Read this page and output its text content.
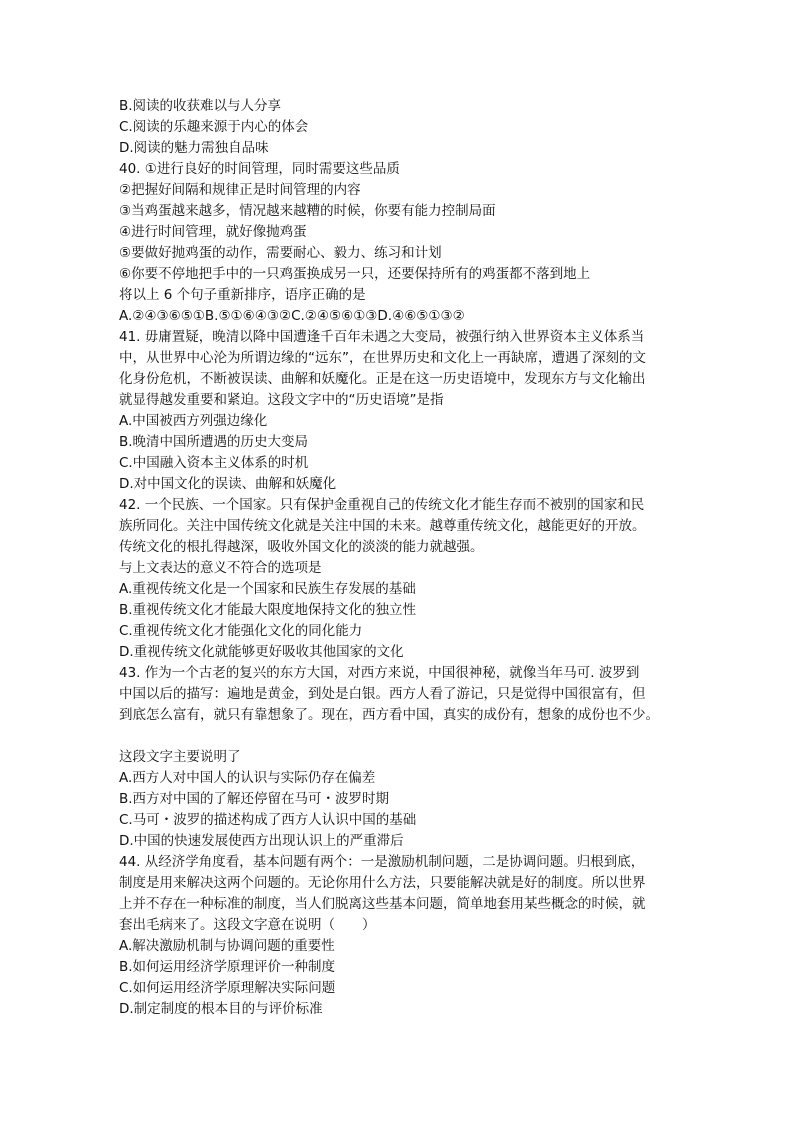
B.阅读的收获难以与人分享
C.阅读的乐趣来源于内心的体会
D.阅读的魅力需独自品味
40. ①进行良好的时间管理，同时需要这些品质
②把握好间隔和规律正是时间管理的内容
③当鸡蛋越来越多，情况越来越糟的时候，你要有能力控制局面
④进行时间管理，就好像抛鸡蛋
⑤要做好抛鸡蛋的动作，需要耐心、毅力、练习和计划
⑥你要不停地把手中的一只鸡蛋换成另一只，还要保持所有的鸡蛋都不落到地上
将以上 6 个句子重新排序，语序正确的是
A.②④③⑥⑤①B.⑤①⑥④③②C.②④⑤⑥①③D.④⑥⑤①③②
41. 毋庸置疑，晚清以降中国遭逢千百年未遇之大变局，被强行纳入世界资本主义体系当
中，从世界中心沦为所谓边缘的“远东”，在世界历史和文化上一再缺席，遭遇了深刻的文
化身份危机，不断被误读、曲解和妖魔化。正是在这一历史语境中，发现东方与文化输出
就显得越发重要和紧迫。这段文字中的“历史语境”是指
A.中国被西方列强边缘化
B.晚清中国所遭遇的历史大变局
C.中国融入资本主义体系的时机
D.对中国文化的误读、曲解和妖魔化
42. 一个民族、一个国家。只有保护金重视自己的传统文化才能生存而不被别的国家和民
族所同化。关注中国传统文化就是关注中国的未来。越尊重传统文化，越能更好的开放。
传统文化的根扎得越深，吸收外国文化的淡淡的能力就越强。
与上文表达的意义不符合的选项是
A.重视传统文化是一个国家和民族生存发展的基础
B.重视传统文化才能最大限度地保持文化的独立性
C.重视传统文化才能强化文化的同化能力
D.重视传统文化就能够更好吸收其他国家的文化
43. 作为一个古老的复兴的东方大国，对西方来说，中国很神秘，就像当年马可. 波罗到
中国以后的描写：遍地是黄金，到处是白银。西方人看了游记，只是觉得中国很富有，但
到底怎么富有，就只有靠想象了。现在，西方看中国，真实的成份有，想象的成份也不少。
这段文字主要说明了
A.西方人对中国人的认识与实际仍存在偏差
B.西方对中国的了解还停留在马可・波罗时期
C.马可・波罗的描述构成了西方人认识中国的基础
D.中国的快速发展使西方出现认识上的严重滞后
44. 从经济学角度看，基本问题有两个：一是激励机制问题，二是协调问题。归根到底，
制度是用来解决这两个问题的。无论你用什么方法，只要能解决就是好的制度。所以世界
上并不存在一种标准的制度，当人们脱离这些基本问题，简单地套用某些概念的时候，就
套出毛病来了。这段文字意在说明（　　）
A.解决激励机制与协调问题的重要性
B.如何运用经济学原理评价一种制度
C.如何运用经济学原理解决实际问题
D.制定制度的根本目的与评价标准
